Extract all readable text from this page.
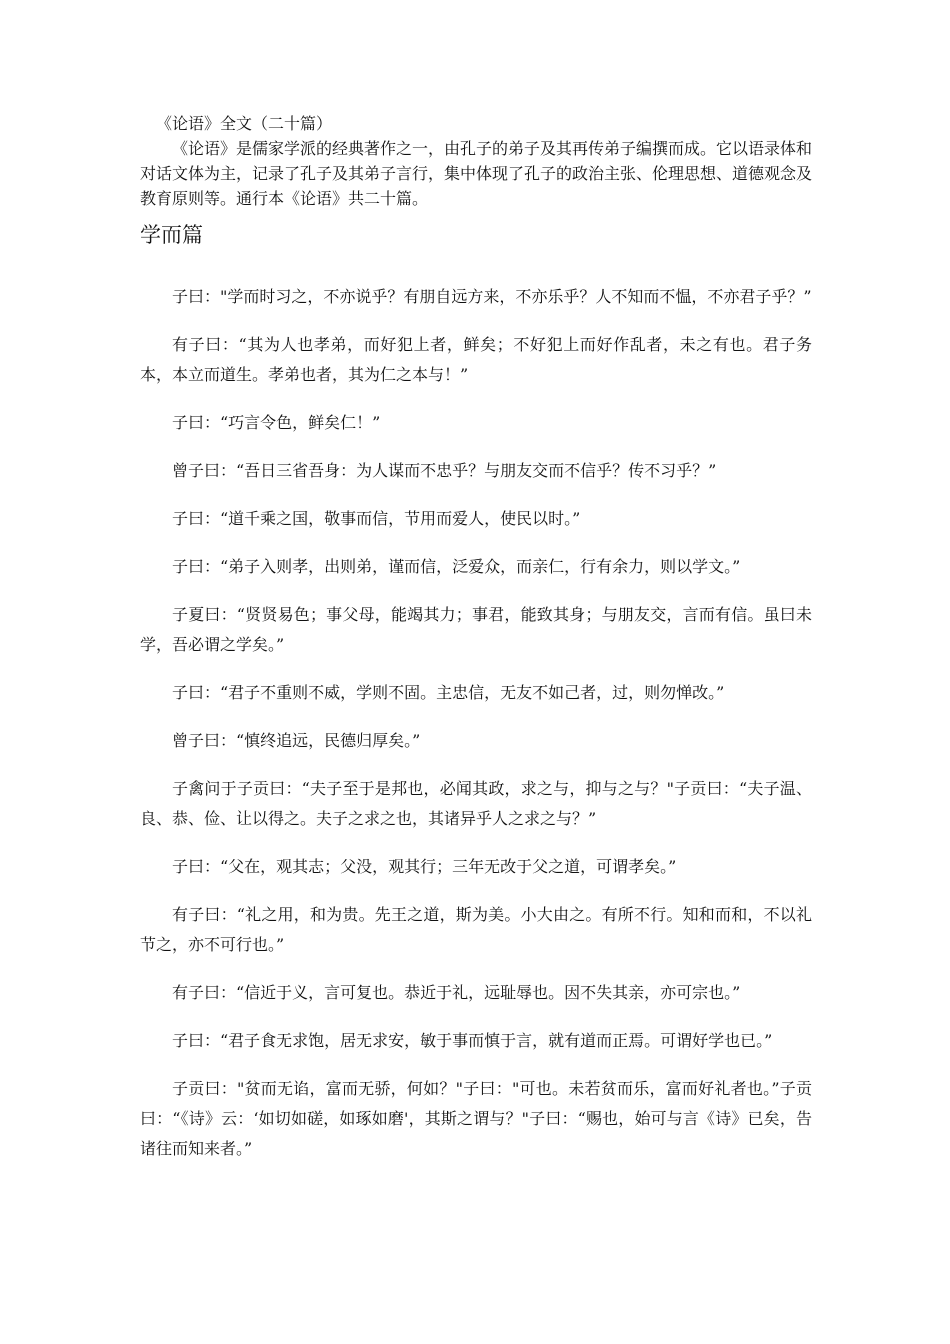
《论语》全文（二十篇）

《论语》是儒家学派的经典著作之一，由孔子的弟子及其再传弟子编撰而成。它以语录体和对话文体为主，记录了孔子及其弟子言行，集中体现了孔子的政治主张、伦理思想、道德观念及教育原则等。通行本《论语》共二十篇。

学而篇

子曰："学而时习之，不亦说乎？有朋自远方来，不亦乐乎？人不知而不愠，不亦君子乎？”

有子曰：“其为人也孝弟，而好犯上者，鲜矣；不好犯上而好作乱者，未之有也。君子务本，本立而道生。孝弟也者，其为仁之本与！”

子曰：“巧言令色，鲜矣仁！”

曾子曰：“吾日三省吾身：为人谋而不忠乎？与朋友交而不信乎？传不习乎？”

子曰：“道千乘之国，敬事而信，节用而爱人，使民以时。”

子曰：“弟子入则孝，出则弟，谨而信，泛爱众，而亲仁，行有余力，则以学文。”

子夏曰：“贤贤易色；事父母，能竭其力；事君，能致其身；与朋友交，言而有信。虽曰未学，吾必谓之学矣。”

子曰：“君子不重则不威，学则不固。主忠信，无友不如己者，过，则勿惮改。”

曾子曰：“慎终追远，民德归厚矣。”

子禽问于子贡曰：“夫子至于是邦也，必闻其政，求之与，抑与之与？"子贡曰：“夫子温、良、恭、俭、让以得之。夫子之求之也，其诸异乎人之求之与？”

子曰：“父在，观其志；父没，观其行；三年无改于父之道，可谓孝矣。”

有子曰：“礼之用，和为贵。先王之道，斯为美。小大由之。有所不行。知和而和，不以礼节之，亦不可行也。”

有子曰：“信近于义，言可复也。恭近于礼，远耻辱也。因不失其亲，亦可宗也。”

子曰：“君子食无求饱，居无求安，敏于事而慎于言，就有道而正焉。可谓好学也已。”

子贡曰："贫而无谄，富而无骄，何如？"子曰："可也。未若贫而乐，富而好礼者也。”子贡曰：“《诗》云：‘如切如磋，如琢如磨'，其斯之谓与？"子曰：“赐也，始可与言《诗》已矣，告诸往而知来者。”
